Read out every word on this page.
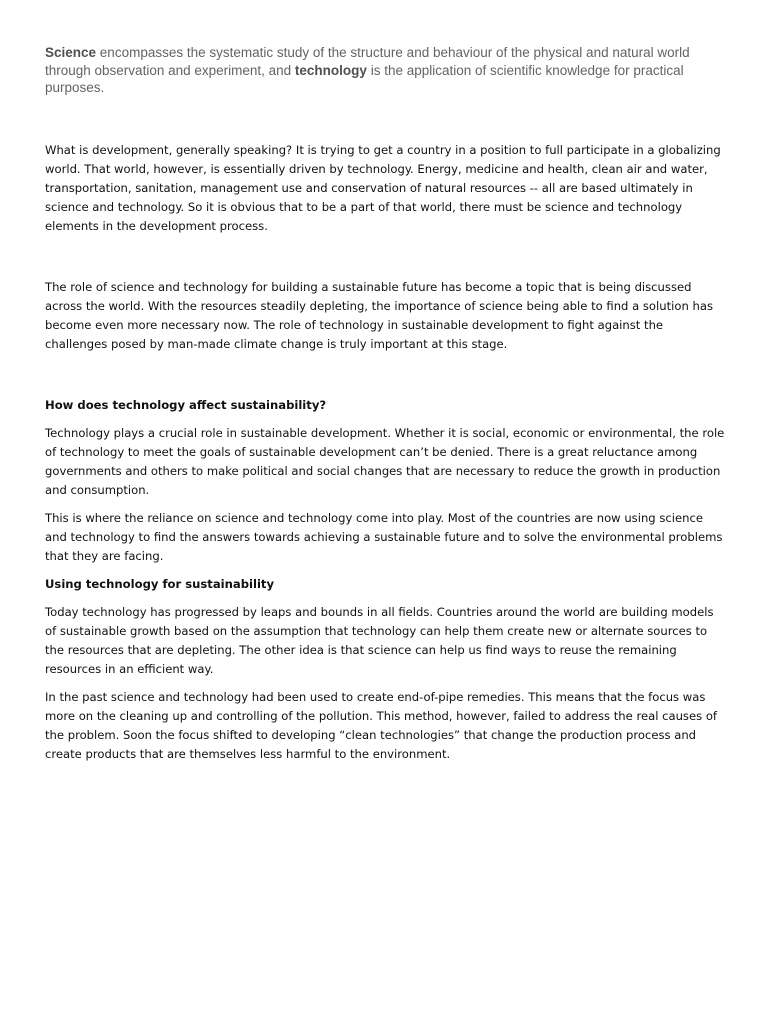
Science encompasses the systematic study of the structure and behaviour of the physical and natural world through observation and experiment, and technology is the application of scientific knowledge for practical purposes.

What is development, generally speaking? It is trying to get a country in a position to full participate in a globalizing world. That world, however, is essentially driven by technology. Energy, medicine and health, clean air and water, transportation, sanitation, management use and conservation of natural resources -- all are based ultimately in science and technology. So it is obvious that to be a part of that world, there must be science and technology elements in the development process.

The role of science and technology for building a sustainable future has become a topic that is being discussed across the world. With the resources steadily depleting, the importance of science being able to find a solution has become even more necessary now. The role of technology in sustainable development to fight against the challenges posed by man-made climate change is truly important at this stage.

How does technology affect sustainability?

Technology plays a crucial role in sustainable development. Whether it is social, economic or environmental, the role of technology to meet the goals of sustainable development can’t be denied. There is a great reluctance among governments and others to make political and social changes that are necessary to reduce the growth in production and consumption.

This is where the reliance on science and technology come into play. Most of the countries are now using science and technology to find the answers towards achieving a sustainable future and to solve the environmental problems that they are facing.

Using technology for sustainability

Today technology has progressed by leaps and bounds in all fields. Countries around the world are building models of sustainable growth based on the assumption that technology can help them create new or alternate sources to the resources that are depleting. The other idea is that science can help us find ways to reuse the remaining resources in an efficient way.

In the past science and technology had been used to create end-of-pipe remedies. This means that the focus was more on the cleaning up and controlling of the pollution. This method, however, failed to address the real causes of the problem. Soon the focus shifted to developing “clean technologies” that change the production process and create products that are themselves less harmful to the environment.
